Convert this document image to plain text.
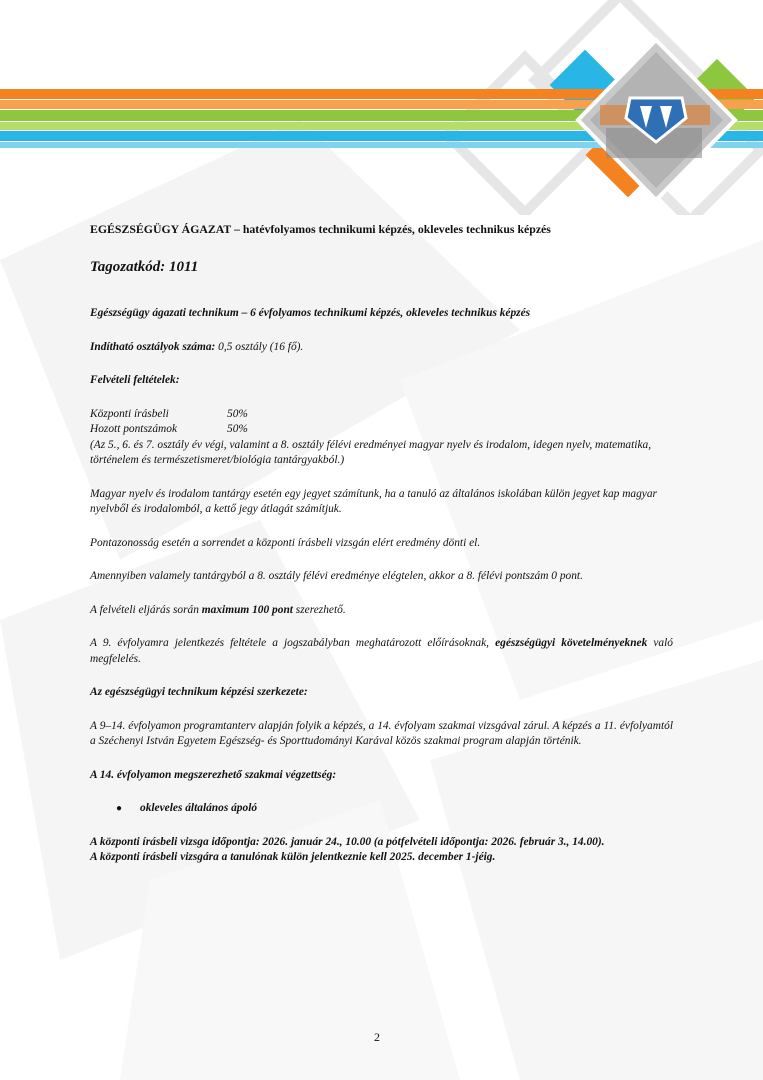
EGÉSZSÉGÜGY ÁGAZAT – hatévfolyamos technikumi képzés, okleveles technikus képzés

Tagozatkód: 1011

Egészségügy ágazati technikum – 6 évfolyamos technikumi képzés, okleveles technikus képzés

Indítható osztályok száma: 0,5 osztály (16 fő).

Felvételi feltételek:

Központi írásbeli	50%
Hozott pontszámok	50%

(Az 5., 6. és 7. osztály év végi, valamint a 8. osztály félévi eredményei magyar nyelv és irodalom, idegen nyelv, matematika, történelem és természetismeret/biológia tantárgyakból.)

Magyar nyelv és irodalom tantárgy esetén egy jegyet számítunk, ha a tanuló az általános iskolában külön jegyet kap magyar nyelvből és irodalomból, a kettő jegy átlagát számítjuk.

Pontazonosság esetén a sorrendet a központi írásbeli vizsgán elért eredmény dönti el.

Amennyiben valamely tantárgyból a 8. osztály félévi eredménye elégtelen, akkor a 8. félévi pontszám 0 pont.

A felvételi eljárás során maximum 100 pont szerezhető.

A 9. évfolyamra jelentkezés feltétele a jogszabályban meghatározott előírásoknak, egészségügyi követelményeknek való megfelelés.

Az egészségügyi technikum képzési szerkezete:

A 9–14. évfolyamon programtanterv alapján folyik a képzés, a 14. évfolyam szakmai vizsgával zárul. A képzés a 11. évfolyamtól a Széchenyi István Egyetem Egészség- és Sporttudományi Karával közös szakmai program alapján történik.

A 14. évfolyamon megszerezhető szakmai végzettség:

●	okleveles általános ápoló

A központi írásbeli vizsga időpontja: 2026. január 24., 10.00 (a pótfelvételi időpontja: 2026. február 3., 14.00).

A központi írásbeli vizsgára a tanulónak külön jelentkeznie kell 2025. december 1-jéig.

2
